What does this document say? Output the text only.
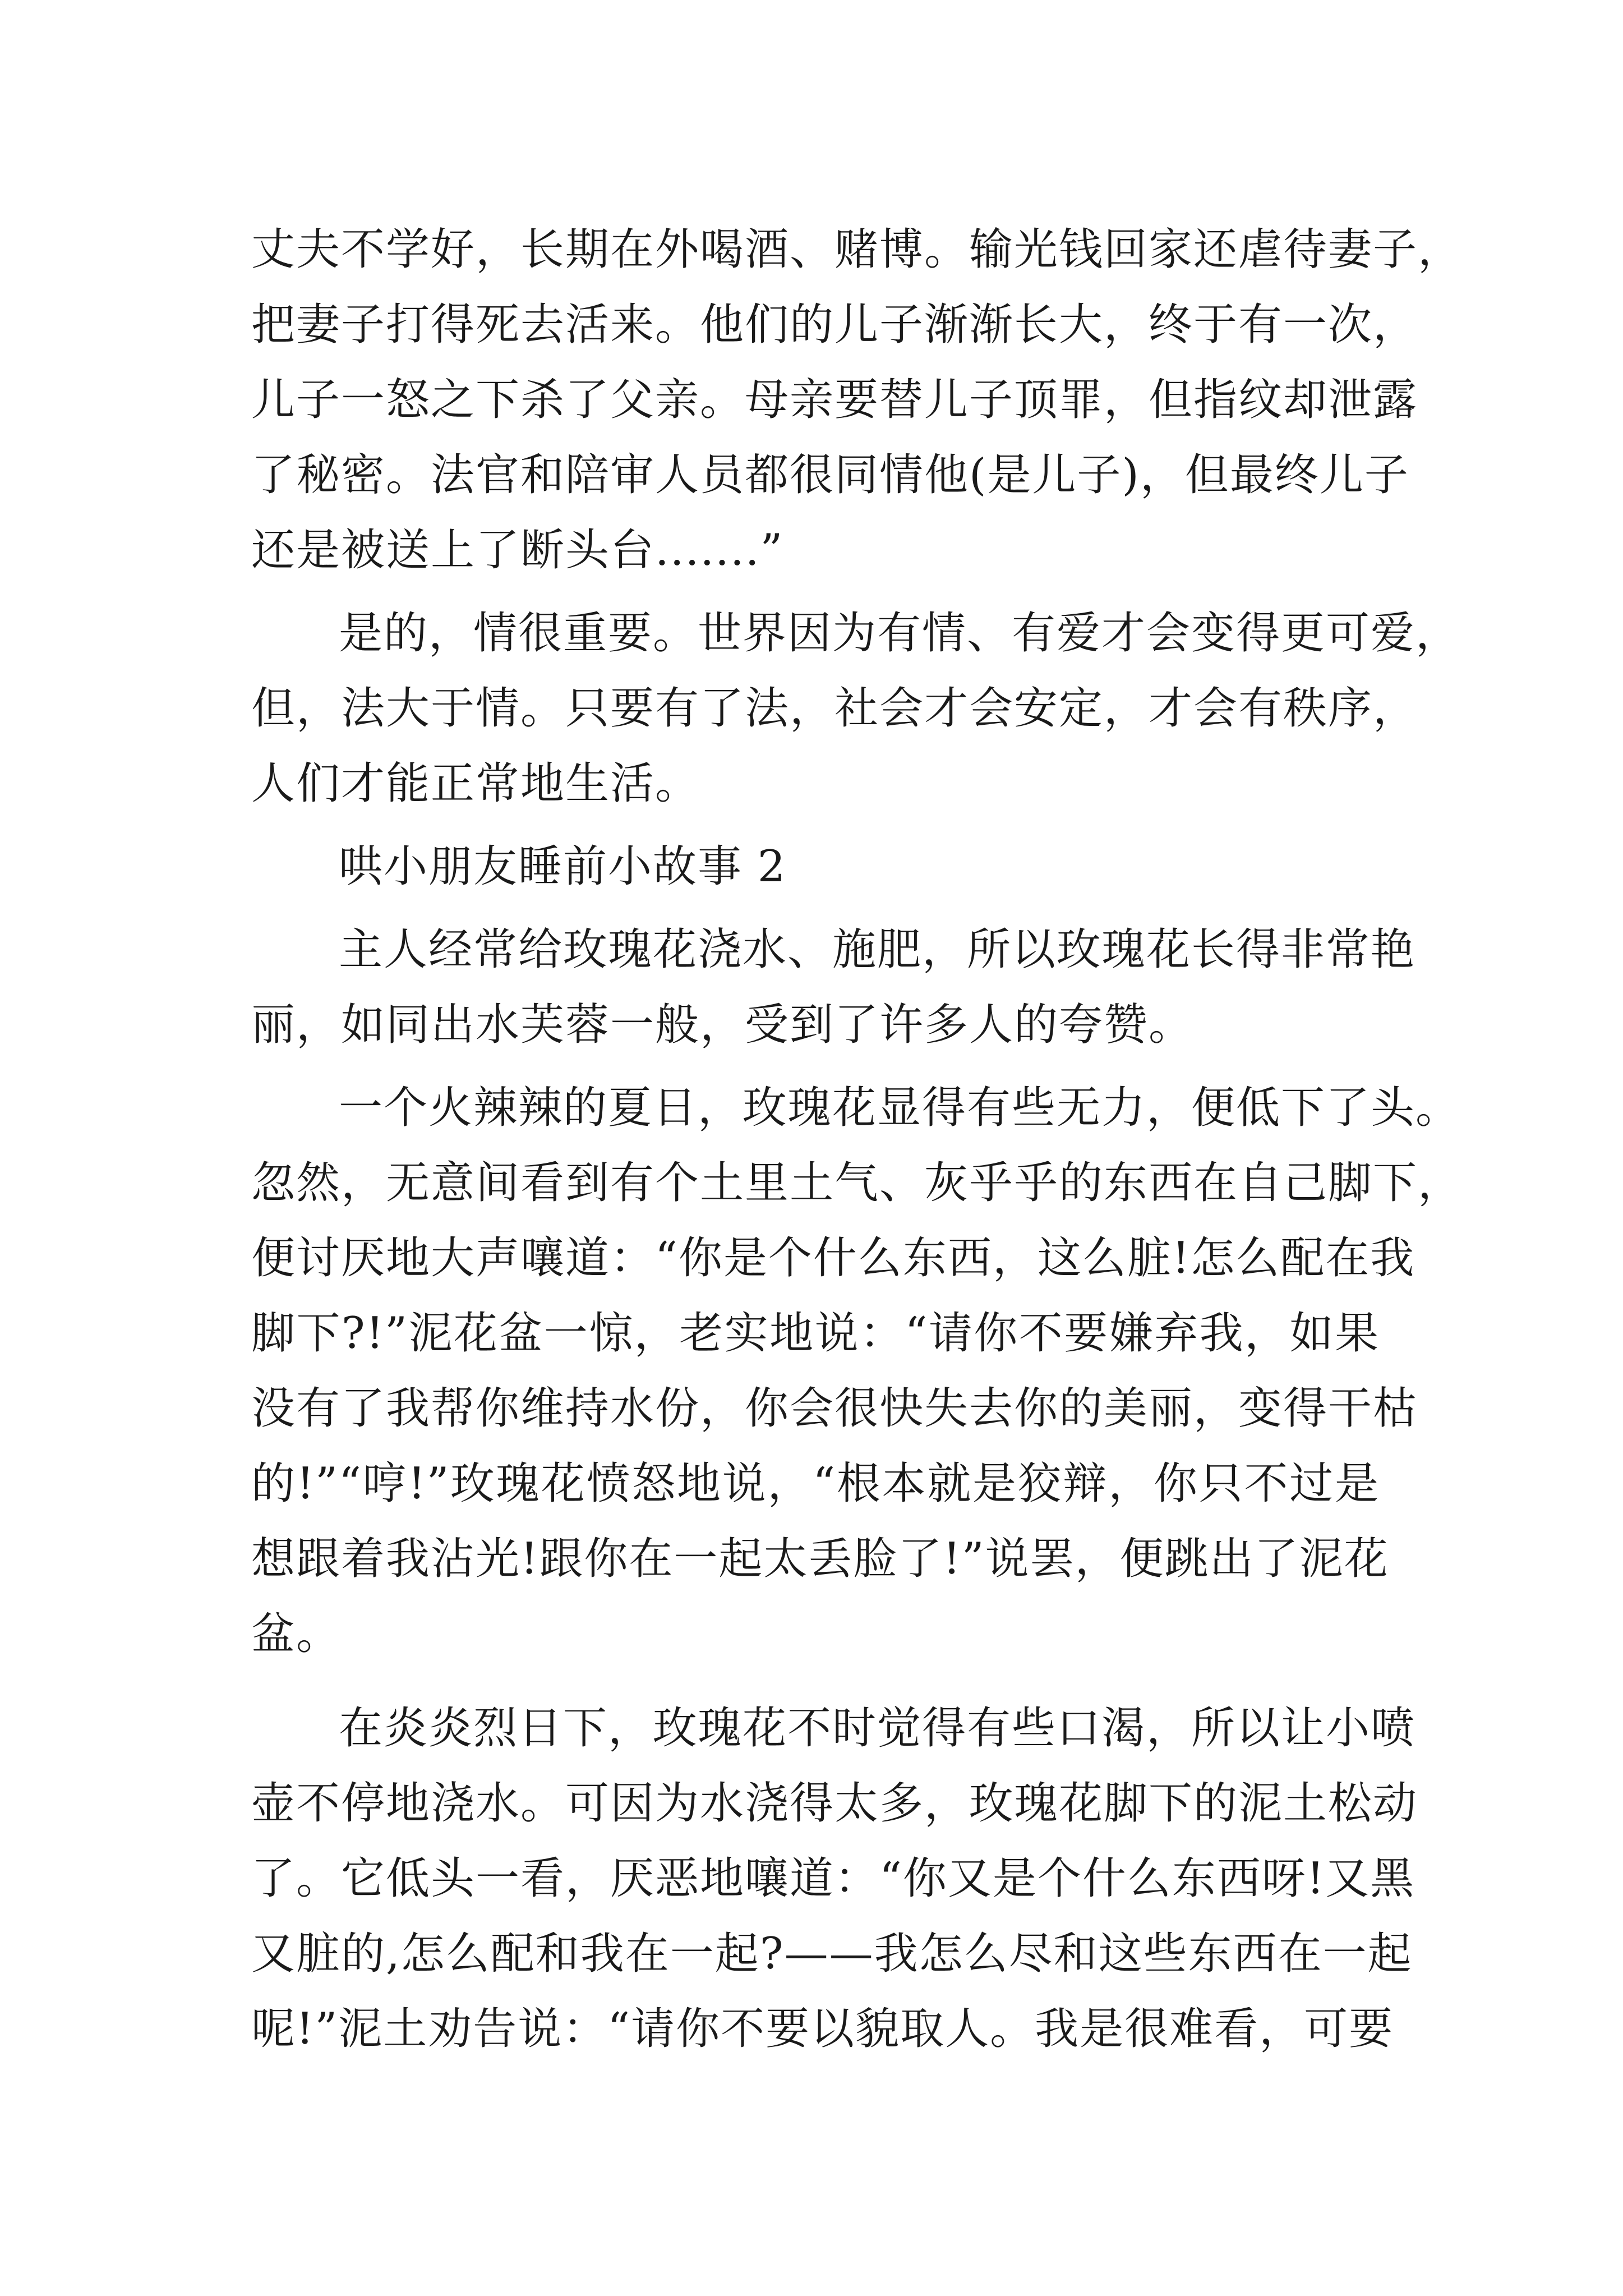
丈夫不学好，长期在外喝酒、赌博。输光钱回家还虐待妻子，
把妻子打得死去活来。他们的儿子渐渐长大，终于有一次，
儿子一怒之下杀了父亲。母亲要替儿子顶罪，但指纹却泄露
了秘密。法官和陪审人员都很同情他(是儿子)，但最终儿子
还是被送上了断头台.......”
是的，情很重要。世界因为有情、有爱才会变得更可爱，
但，法大于情。只要有了法，社会才会安定，才会有秩序，
人们才能正常地生活。
哄小朋友睡前小故事 2
主人经常给玫瑰花浇水、施肥，所以玫瑰花长得非常艳
丽，如同出水芙蓉一般，受到了许多人的夸赞。
一个火辣辣的夏日，玫瑰花显得有些无力，便低下了头。
忽然，无意间看到有个土里土气、灰乎乎的东西在自己脚下，
便讨厌地大声嚷道：“你是个什么东西，这么脏!怎么配在我
脚下?!”泥花盆一惊，老实地说：“请你不要嫌弃我，如果
没有了我帮你维持水份，你会很快失去你的美丽，变得干枯
的!”“哼!”玫瑰花愤怒地说，“根本就是狡辩，你只不过是
想跟着我沾光!跟你在一起太丢脸了!”说罢，便跳出了泥花
盆。
在炎炎烈日下，玫瑰花不时觉得有些口渴，所以让小喷
壶不停地浇水。可因为水浇得太多，玫瑰花脚下的泥土松动
了。它低头一看，厌恶地嚷道：“你又是个什么东西呀!又黑
又脏的,怎么配和我在一起?——我怎么尽和这些东西在一起
呢!”泥土劝告说：“请你不要以貌取人。我是很难看，可要
